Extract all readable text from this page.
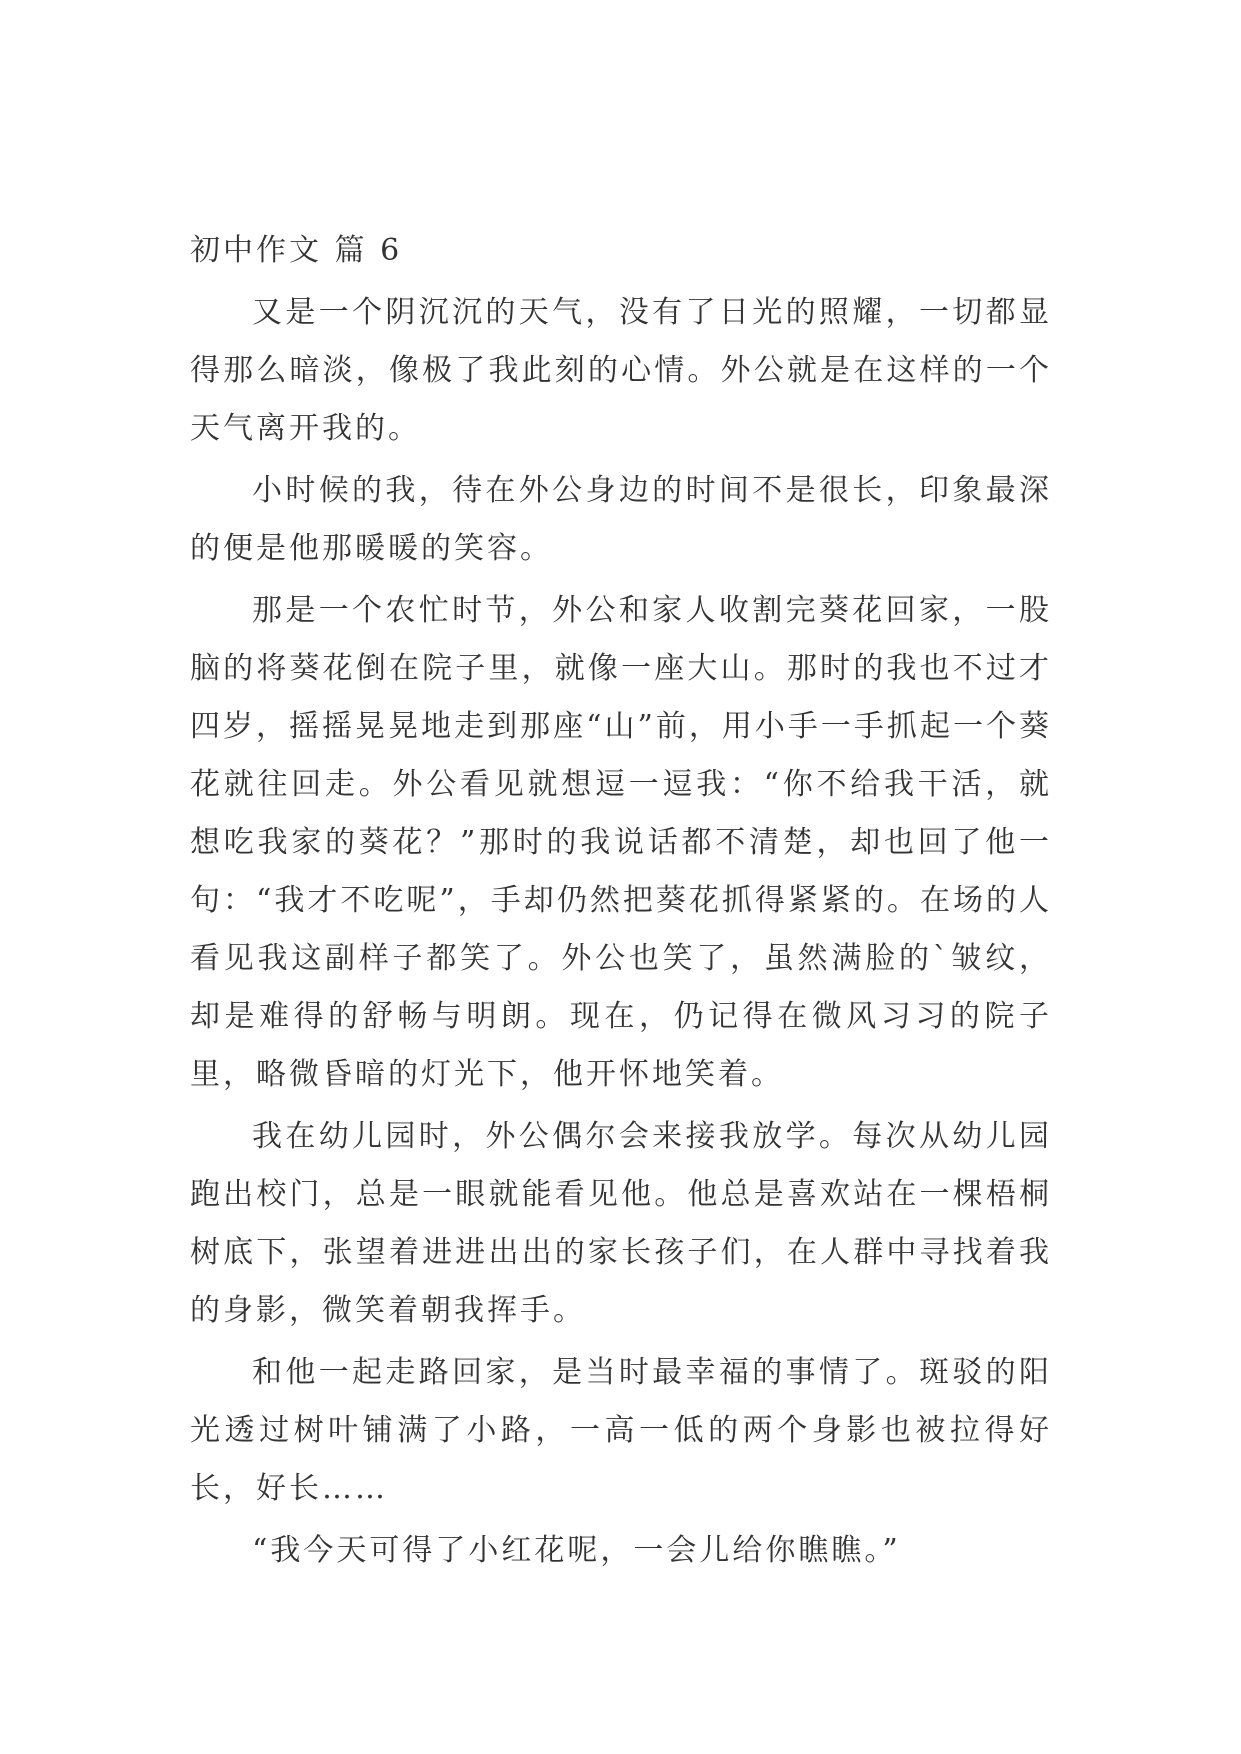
初中作文 篇 6

又是一个阴沉沉的天气，没有了日光的照耀，一切都显得那么暗淡，像极了我此刻的心情。外公就是在这样的一个天气离开我的。

小时候的我，待在外公身边的时间不是很长，印象最深的便是他那暖暖的笑容。

那是一个农忙时节，外公和家人收割完葵花回家，一股脑的将葵花倒在院子里，就像一座大山。那时的我也不过才四岁，摇摇晃晃地走到那座“山”前，用小手一手抓起一个葵花就往回走。外公看见就想逗一逗我：“你不给我干活，就想吃我家的葵花？”那时的我说话都不清楚，却也回了他一句：“我才不吃呢”，手却仍然把葵花抓得紧紧的。在场的人看见我这副样子都笑了。外公也笑了，虽然满脸的`皱纹，却是难得的舒畅与明朗。现在，仍记得在微风习习的院子里，略微昏暗的灯光下，他开怀地笑着。

我在幼儿园时，外公偶尔会来接我放学。每次从幼儿园跑出校门，总是一眼就能看见他。他总是喜欢站在一棵梧桐树底下，张望着进进出出的家长孩子们，在人群中寻找着我的身影，微笑着朝我挥手。

和他一起走路回家，是当时最幸福的事情了。斑驳的阳光透过树叶铺满了小路，一高一低的两个身影也被拉得好长，好长……

“我今天可得了小红花呢，一会儿给你瞧瞧。”
